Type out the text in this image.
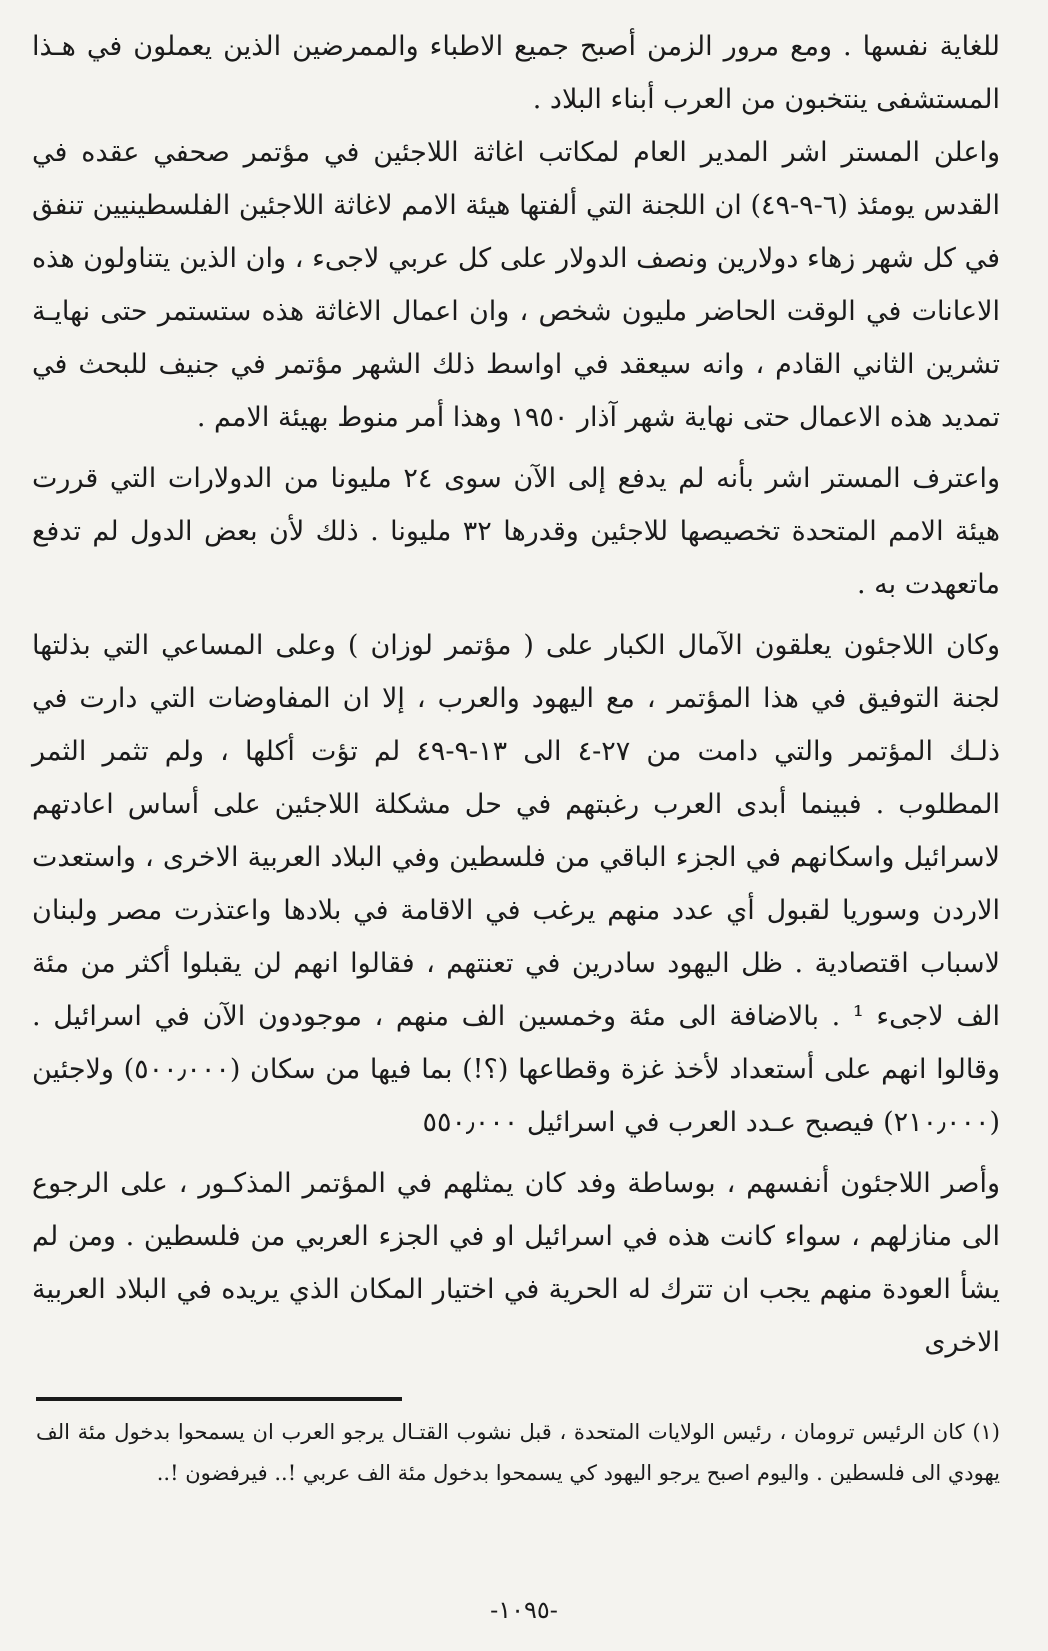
للغاية نفسها . ومع مرور الزمن أصبح جميع الاطباء والممرضين الذين يعملون في هـذا المستشفى ينتخبون من العرب أبناء البلاد .

واعلن المستر اشر المدير العام لمكاتب اغاثة اللاجئين في مؤتمر صحفي عقده في القدس يومئذ (٦-٩-٤٩) ان اللجنة التي ألفتها هيئة الامم لاغاثة اللاجئين الفلسطينيين تنفق في كل شهر زهاء دولارين ونصف الدولار على كل عربي لاجىء ، وان الذين يتناولون هذه الاعانات في الوقت الحاضر مليون شخص ، وان اعمال الاغاثة هذه ستستمر حتى نهايـة تشرين الثاني القادم ، وانه سيعقد في اواسط ذلك الشهر مؤتمر في جنيف للبحث في تمديد هذه الاعمال حتى نهاية شهر آذار ١٩٥٠ وهذا أمر منوط بهيئة الامم .

واعترف المستر اشر بأنه لم يدفع إلى الآن سوى ٢٤ مليونا من الدولارات التي قررت هيئة الامم المتحدة تخصيصها للاجئين وقدرها ٣٢ مليونا . ذلك لأن بعض الدول لم تدفع ماتعهدت به .

وكان اللاجئون يعلقون الآمال الكبار على ( مؤتمر لوزان ) وعلى المساعي التي بذلتها لجنة التوفيق في هذا المؤتمر ، مع اليهود والعرب ، إلا ان المفاوضات التي دارت في ذلـك المؤتمر والتي دامت من ٢٧-٤ الى ١٣-٩-٤٩ لم تؤت أكلها ، ولم تثمر الثمر المطلوب . فبينما أبدى العرب رغبتهم في حل مشكلة اللاجئين على أساس اعادتهم لاسرائيل واسكانهم في الجزء الباقي من فلسطين وفي البلاد العربية الاخرى ، واستعدت الاردن وسوريا لقبول أي عدد منهم يرغب في الاقامة في بلادها واعتذرت مصر ولبنان لاسباب اقتصادية . ظل اليهود سادرين في تعنتهم ، فقالوا انهم لن يقبلوا أكثر من مئة الف لاجىء ¹ . بالاضافة الى مئة وخمسين الف منهم ، موجودون الآن في اسرائيل . وقالوا انهم على أستعداد لأخذ غزة وقطاعها (؟!) بما فيها من سكان (٥٠٠٫٠٠٠) ولاجئين (٢١٠٫٠٠٠) فيصبح عـدد العرب في اسرائيل ٥٥٠٫٠٠٠

وأصر اللاجئون أنفسهم ، بوساطة وفد كان يمثلهم في المؤتمر المذكـور ، على الرجوع الى منازلهم ، سواء كانت هذه في اسرائيل او في الجزء العربي من فلسطين . ومن لم يشأ العودة منهم يجب ان تترك له الحرية في اختيار المكان الذي يريده في البلاد العربية الاخرى

(١) كان الرئيس ترومان ، رئيس الولايات المتحدة ، قبل نشوب القتـال يرجو العرب ان يسمحوا بدخول مئة الف يهودي الى فلسطين . واليوم اصبح يرجو اليهود كي يسمحوا بدخول مئة الف عربي !.. فيرفضون !..

-١٠٩٥-
